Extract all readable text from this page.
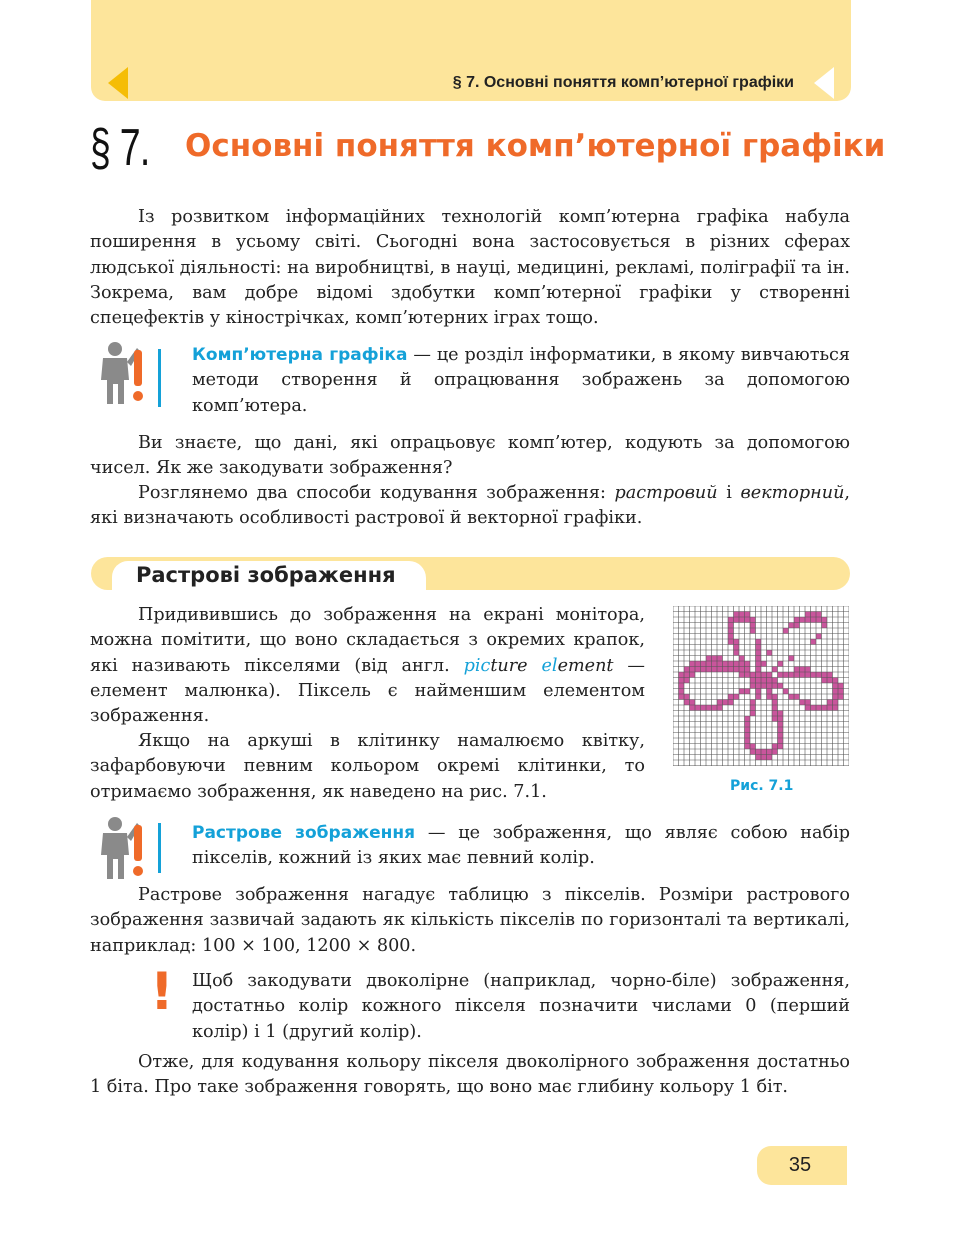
§ 7. Основні поняття комп’ютерної графіки
§ 7. Основні поняття комп’ютерної графіки

Із розвитком інформаційних технологій комп’ютерна графіка набула поширення в усьому світі. Сьогодні вона застосовується в різних сферах людської діяльності: на виробництві, в науці, медицині, рекламі, поліграфії та ін. Зокрема, вам добре відомі здобутки комп’ютерної графіки у створенні спецефектів у кінострічках, комп’ютерних іграх тощо.

Комп’ютерна графіка — це розділ інформатики, в якому вивчаються методи створення й опрацювання зображень за допомогою комп’ютера.

Ви знаєте, що дані, які опрацьовує комп’ютер, кодують за допомогою чисел. Як же закодувати зображення?

Розглянемо два способи кодування зображення: растровий і векторний, які визначають особливості растрової й векторної графіки.

Растрові зображення

Придивившись до зображення на екрані монітора, можна помітити, що воно складається з окремих крапок, які називають пікселями (від англ. picture element — елемент малюнка). Піксель є найменшим елементом зображення.

Якщо на аркуші в клітинку намалюємо квітку, зафарбовуючи певним кольором окремі клітинки, то отримаємо зображення, як наведено на рис. 7.1.	Рис. 7.1

Растрове зображення — це зображення, що являє собою набір пікселів, кожний із яких має певний колір.

Растрове зображення нагадує таблицю з пікселів. Розміри растрового зображення зазвичай задають як кількість пікселів по горизонталі та вертикалі, наприклад: 100 × 100, 1200 × 800.

! Щоб закодувати двоколірне (наприклад, чорно-біле) зображення, достатньо колір кожного пікселя позначити числами 0 (перший колір) і 1 (другий колір).

Отже, для кодування кольору пікселя двоколірного зображення достатньо 1 біта. Про таке зображення говорять, що воно має глибину кольору 1 біт.

35
